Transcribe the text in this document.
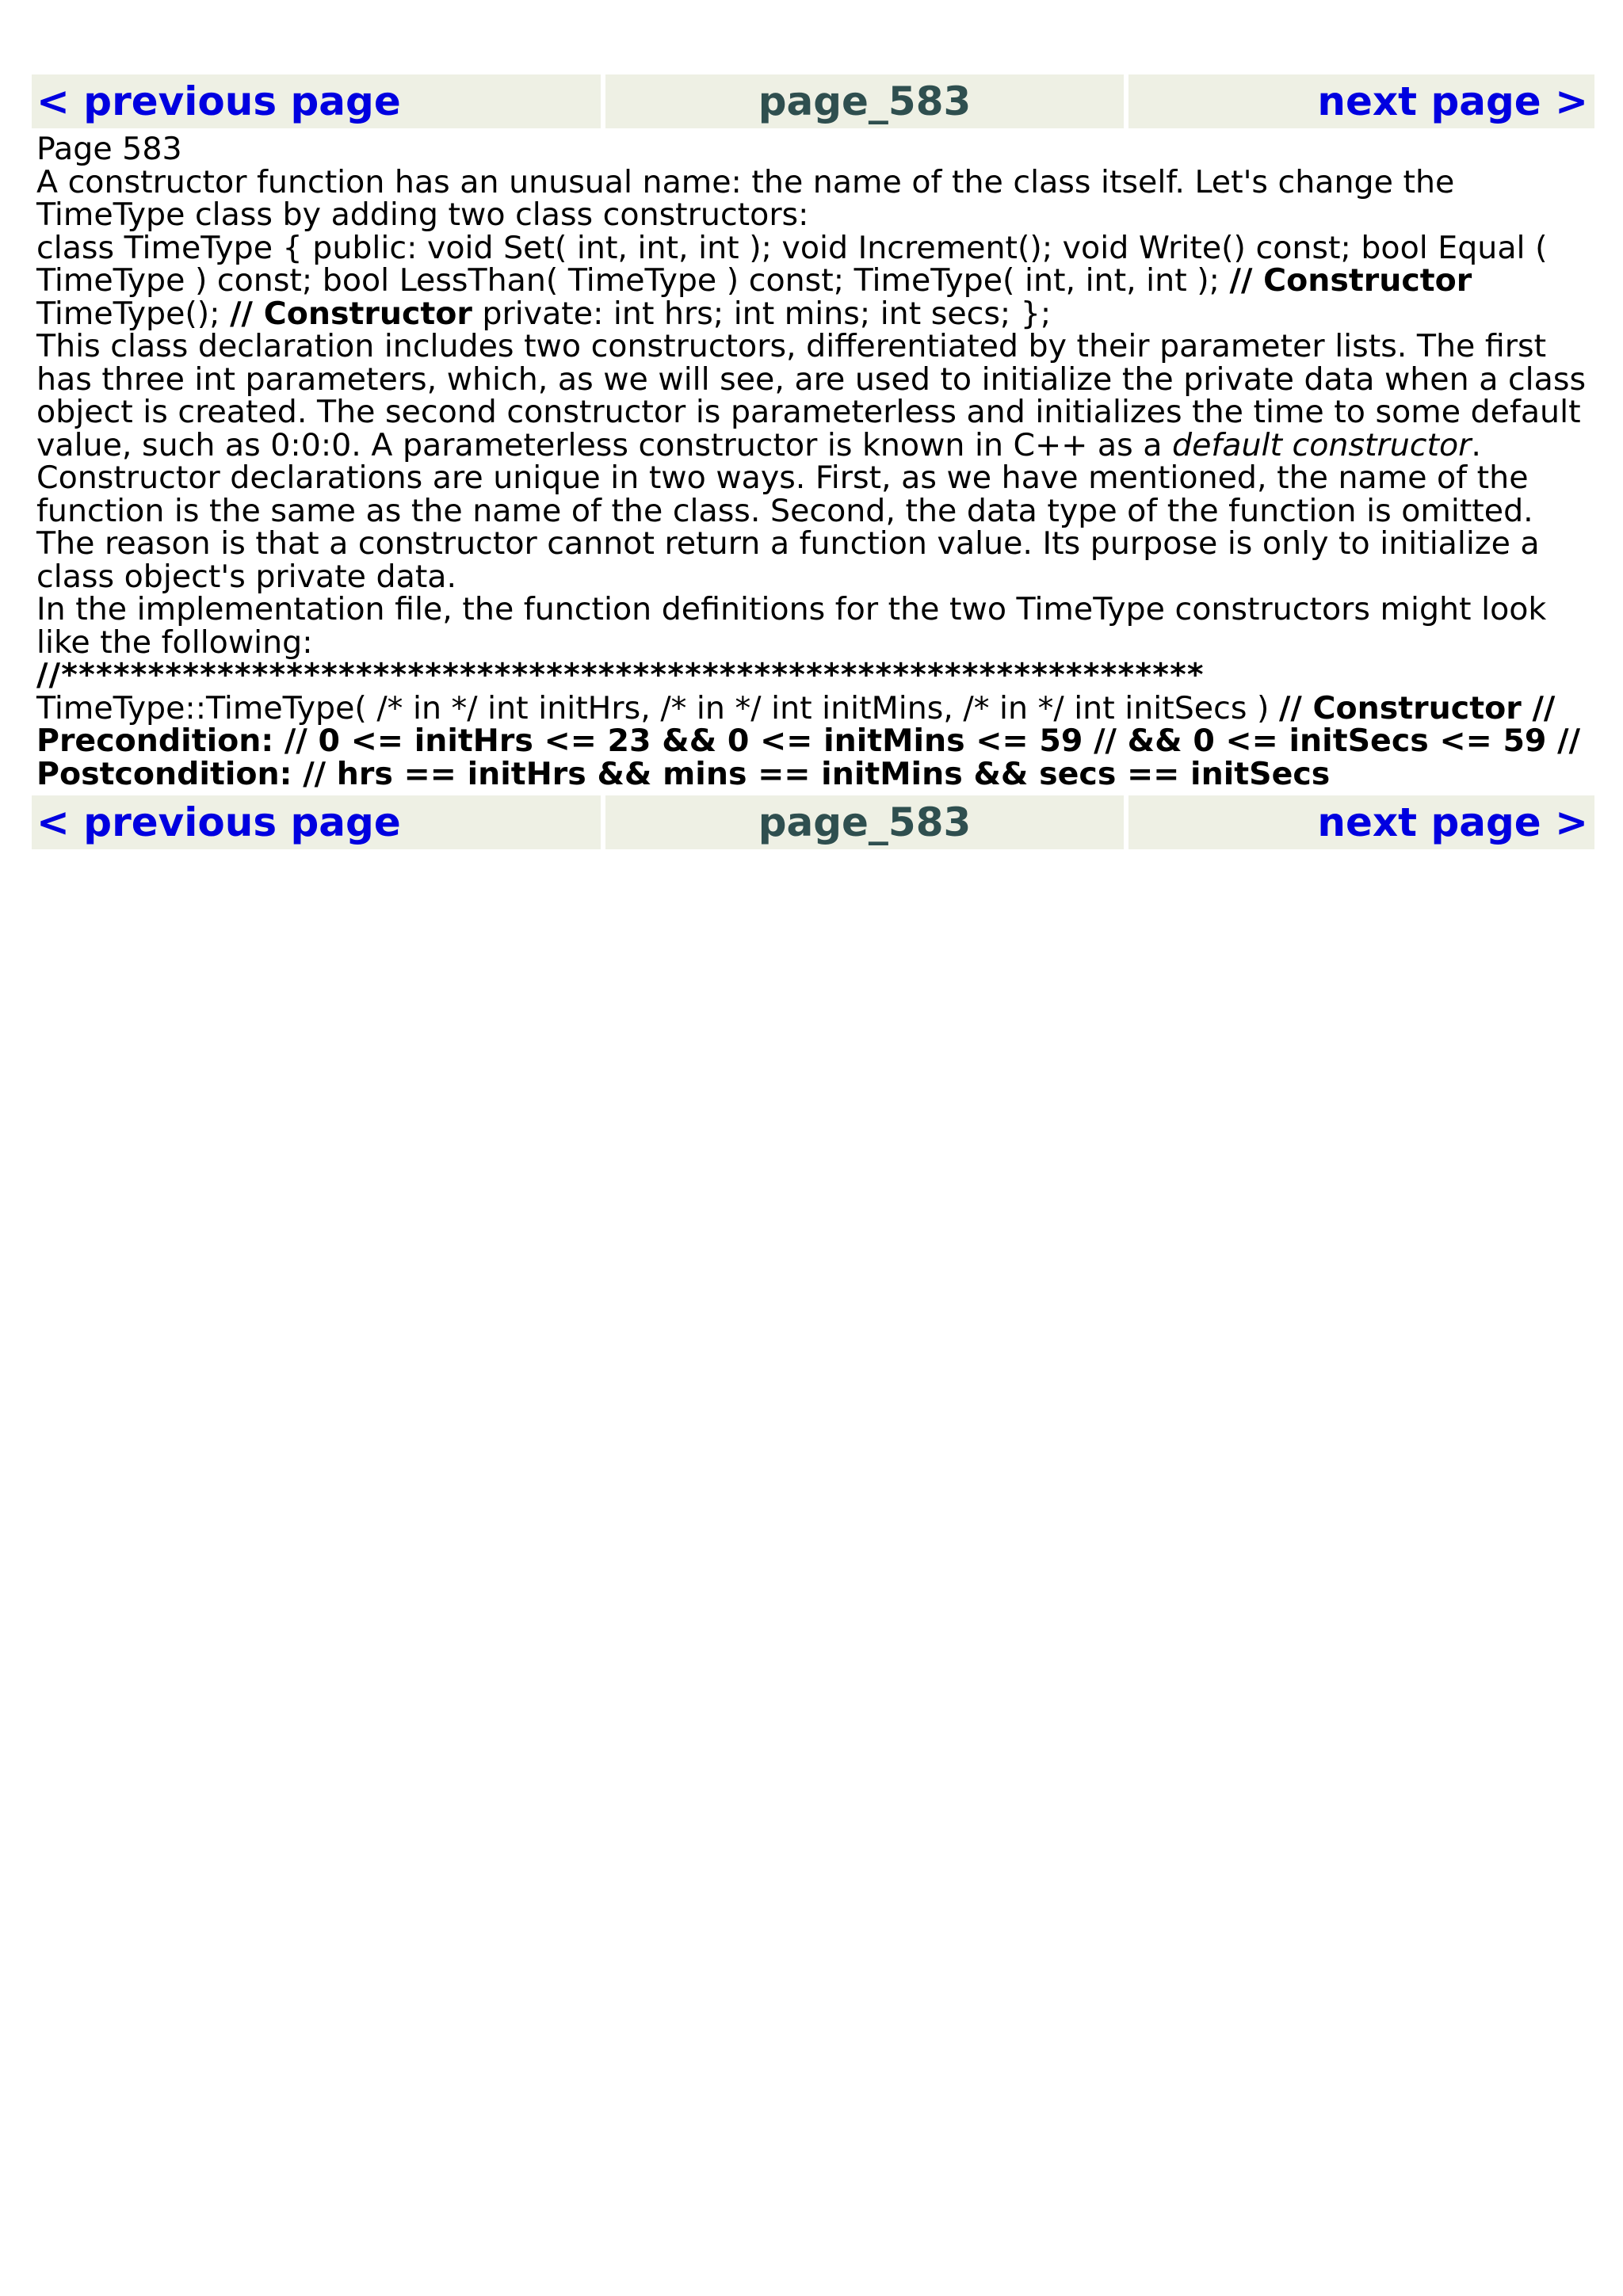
< previous page	page_583	next page >

Page 583

A constructor function has an unusual name: the name of the class itself. Let's change the TimeType class by adding two class constructors:

class TimeType { public: void Set( int, int, int ); void Increment(); void Write() const; bool Equal ( TimeType ) const; bool LessThan( TimeType ) const; TimeType( int, int, int ); // Constructor TimeType(); // Constructor private: int hrs; int mins; int secs; };

This class declaration includes two constructors, differentiated by their parameter lists. The first has three int parameters, which, as we will see, are used to initialize the private data when a class object is created. The second constructor is parameterless and initializes the time to some default value, such as 0:0:0. A parameterless constructor is known in C++ as a default constructor.

Constructor declarations are unique in two ways. First, as we have mentioned, the name of the function is the same as the name of the class. Second, the data type of the function is omitted. The reason is that a constructor cannot return a function value. Its purpose is only to initialize a class object's private data.

In the implementation file, the function definitions for the two TimeType constructors might look like the following:

//******************************************************************

TimeType::TimeType( /* in */ int initHrs, /* in */ int initMins, /* in */ int initSecs ) // Constructor // Precondition: // 0 <= initHrs <= 23 && 0 <= initMins <= 59 // && 0 <= initSecs <= 59 // Postcondition: // hrs == initHrs && mins == initMins && secs == initSecs

< previous page	page_583	next page >
